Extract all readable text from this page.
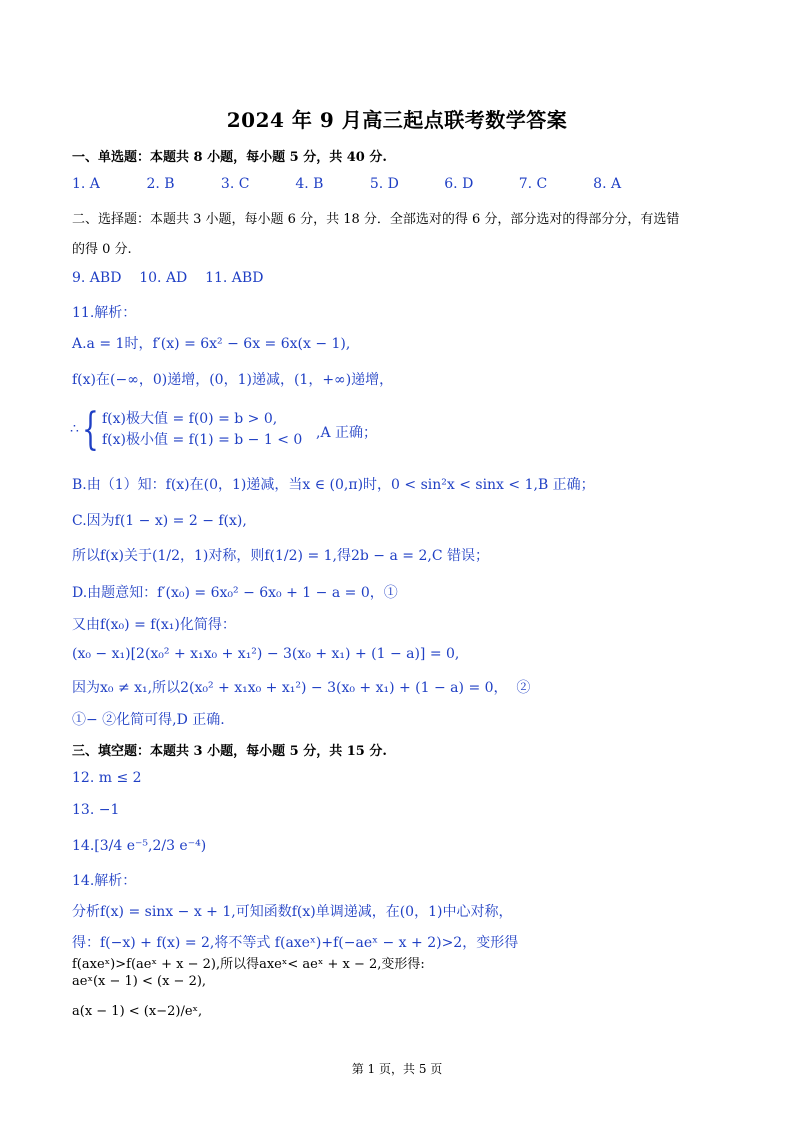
2024 年 9 月高三起点联考数学答案
一、单选题：本题共 8 小题，每小题 5 分，共 40 分.
1. A	2. B	3. C	4. B	5. D	6. D	7. C	8. A
二、选择题：本题共 3 小题，每小题 6 分，共 18 分．全部选对的得 6 分，部分选对的得部分分，有选错
的得 0 分.
9. ABD    10. AD    11. ABD
11.解析：
A.a = 1时，f′(x) = 6x² − 6x = 6x(x − 1),
f(x)在(−∞，0)递增，(0，1)递减，(1，+∞)递增，
∴ { f(x)极大值 = f(0) = b > 0,
f(x)极小值 = f(1) = b − 1 < 0 ,A 正确；
B.由（1）知：f(x)在(0，1)递减，当x ∈ (0,π)时，0 < sin²x < sinx < 1,B 正确；
C.因为f(1 − x) = 2 − f(x),
所以f(x)关于(1/2，1)对称，则f(1/2) = 1,得2b − a = 2,C 错误；
D.由题意知：f′(x₀) = 6x₀² − 6x₀ + 1 − a = 0，①
又由f(x₀) = f(x₁)化简得：
(x₀ − x₁)[2(x₀² + x₁x₀ + x₁²) − 3(x₀ + x₁) + (1 − a)] = 0,
因为x₀ ≠ x₁,所以2(x₀² + x₁x₀ + x₁²) − 3(x₀ + x₁) + (1 − a) = 0，  ②
①− ②化简可得,D 正确.
三、填空题：本题共 3 小题，每小题 5 分，共 15 分.
12. m ≤ 2
13. −1
14.[3/4 e⁻⁵,2/3 e⁻⁴)
14.解析：
分析f(x) = sinx − x + 1,可知函数f(x)单调递减，在(0，1)中心对称，
得：f(−x) + f(x) = 2,将不等式 f(axeˣ)+f(−aeˣ − x + 2)>2，变形得
f(axeˣ)>f(aeˣ + x − 2),所以得axeˣ< aeˣ + x − 2,变形得:
aeˣ(x − 1) < (x − 2),
a(x − 1) < (x−2)/eˣ,
第 1 页，共 5 页
